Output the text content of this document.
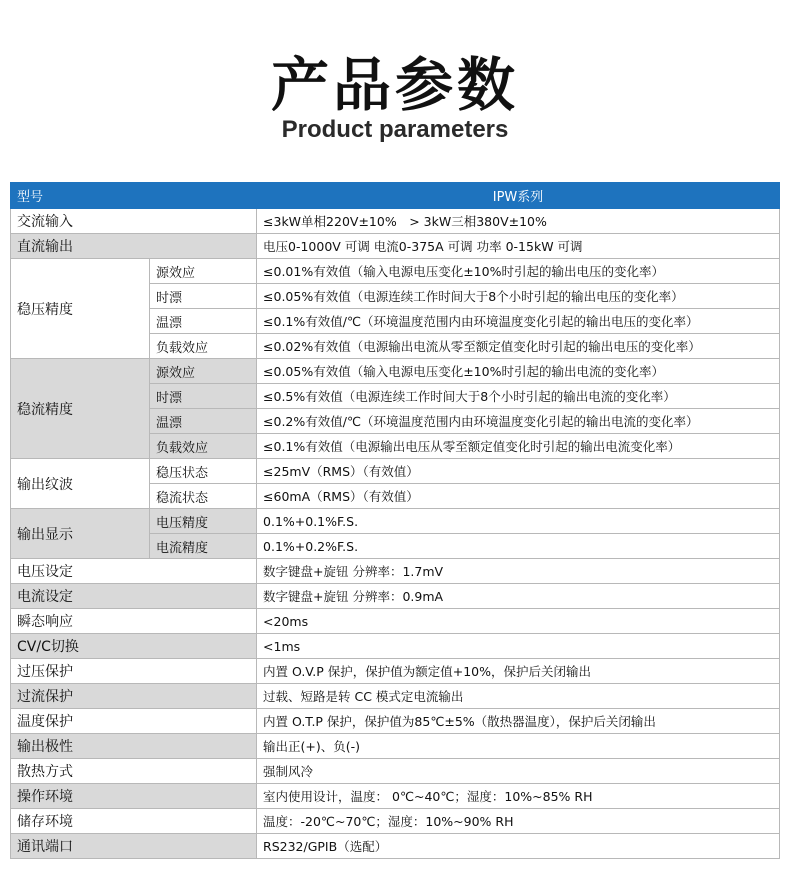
产品参数
Product parameters
型号		IPW系列
交流输入		≤3kW单相220V±10%　> 3kW三相380V±10%
直流输出		电压0-1000V 可调 电流0-375A 可调 功率 0-15kW 可调
稳压精度	源效应	≤0.01%有效值（输入电源电压变化±10%时引起的输出电压的变化率）
	时漂	≤0.05%有效值（电源连续工作时间大于8个小时引起的输出电压的变化率）
	温漂	≤0.1%有效值/℃（环境温度范围内由环境温度变化引起的输出电压的变化率）
	负载效应	≤0.02%有效值（电源输出电流从零至额定值变化时引起的输出电压的变化率）
稳流精度	源效应	≤0.05%有效值（输入电源电压变化±10%时引起的输出电流的变化率）
	时漂	≤0.5%有效值（电源连续工作时间大于8个小时引起的输出电流的变化率）
	温漂	≤0.2%有效值/℃（环境温度范围内由环境温度变化引起的输出电流的变化率）
	负载效应	≤0.1%有效值（电源输出电压从零至额定值变化时引起的输出电流变化率）
输出纹波	稳压状态	≤25mV（RMS）（有效值）
	稳流状态	≤60mA（RMS）（有效值）
输出显示	电压精度	0.1%+0.1%F.S.
	电流精度	0.1%+0.2%F.S.
电压设定		数字键盘+旋钮 分辨率：1.7mV
电流设定		数字键盘+旋钮 分辨率：0.9mA
瞬态响应		<20ms
CV/C切换		<1ms
过压保护		内置 O.V.P 保护，保护值为额定值+10%，保护后关闭输出
过流保护		过载、短路是转 CC 模式定电流输出
温度保护		内置 O.T.P 保护，保护值为85℃±5%（散热器温度），保护后关闭输出
输出极性		输出正(+)、负(-)
散热方式		强制风冷
操作环境		室内使用设计，温度： 0℃~40℃；湿度：10%~85% RH
储存环境		温度：-20℃~70℃；湿度：10%~90% RH
通讯端口		RS232/GPIB（选配）
